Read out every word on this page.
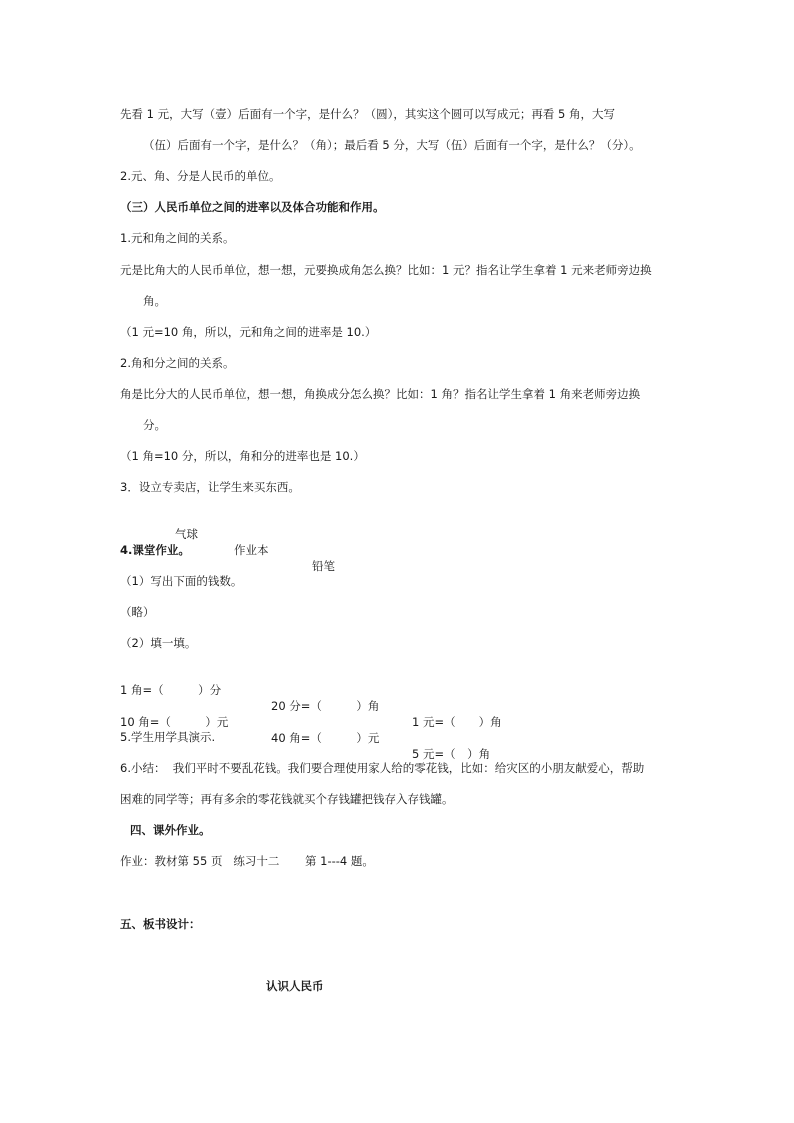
先看 1 元，大写（壹）后面有一个字，是什么？（圆），其实这个圆可以写成元；再看 5 角，大写

（伍）后面有一个字，是什么？（角）；最后看 5 分，大写（伍）后面有一个字，是什么？（分）。

2.元、角、分是人民币的单位。

（三）人民币单位之间的进率以及体合功能和作用。

1.元和角之间的关系。

元是比角大的人民币单位，想一想，元要换成角怎么换？比如：1 元？指名让学生拿着 1 元来老师旁边换

角。

（1 元=10 角，所以，元和角之间的进率是 10.）

2.角和分之间的关系。

角是比分大的人民币单位，想一想，角换成分怎么换？比如：1 角？指名让学生拿着 1 角来老师旁边换

分。

（1 角=10 分，所以，角和分的进率也是 10.）

3．设立专卖店，让学生来买东西。

气球

作业本

铅笔

4.课堂作业。

（1）写出下面的钱数。

（略）

（2）填一填。

1 角=（　　　）分

20 分=（　　　）角

1 元=（　　）角

10 角=（　　　）元

40 角=（　　　）元

5 元=（　）角

5.学生用学具演示.

6.小结：  我们平时不要乱花钱。我们要合理使用家人给的零花钱，比如：给灾区的小朋友献爱心，帮助

困难的同学等；再有多余的零花钱就买个存钱罐把钱存入存钱罐。

四、课外作业。

作业：教材第 55 页   练习十二       第 1---4 题。

五、板书设计：

认识人民币
